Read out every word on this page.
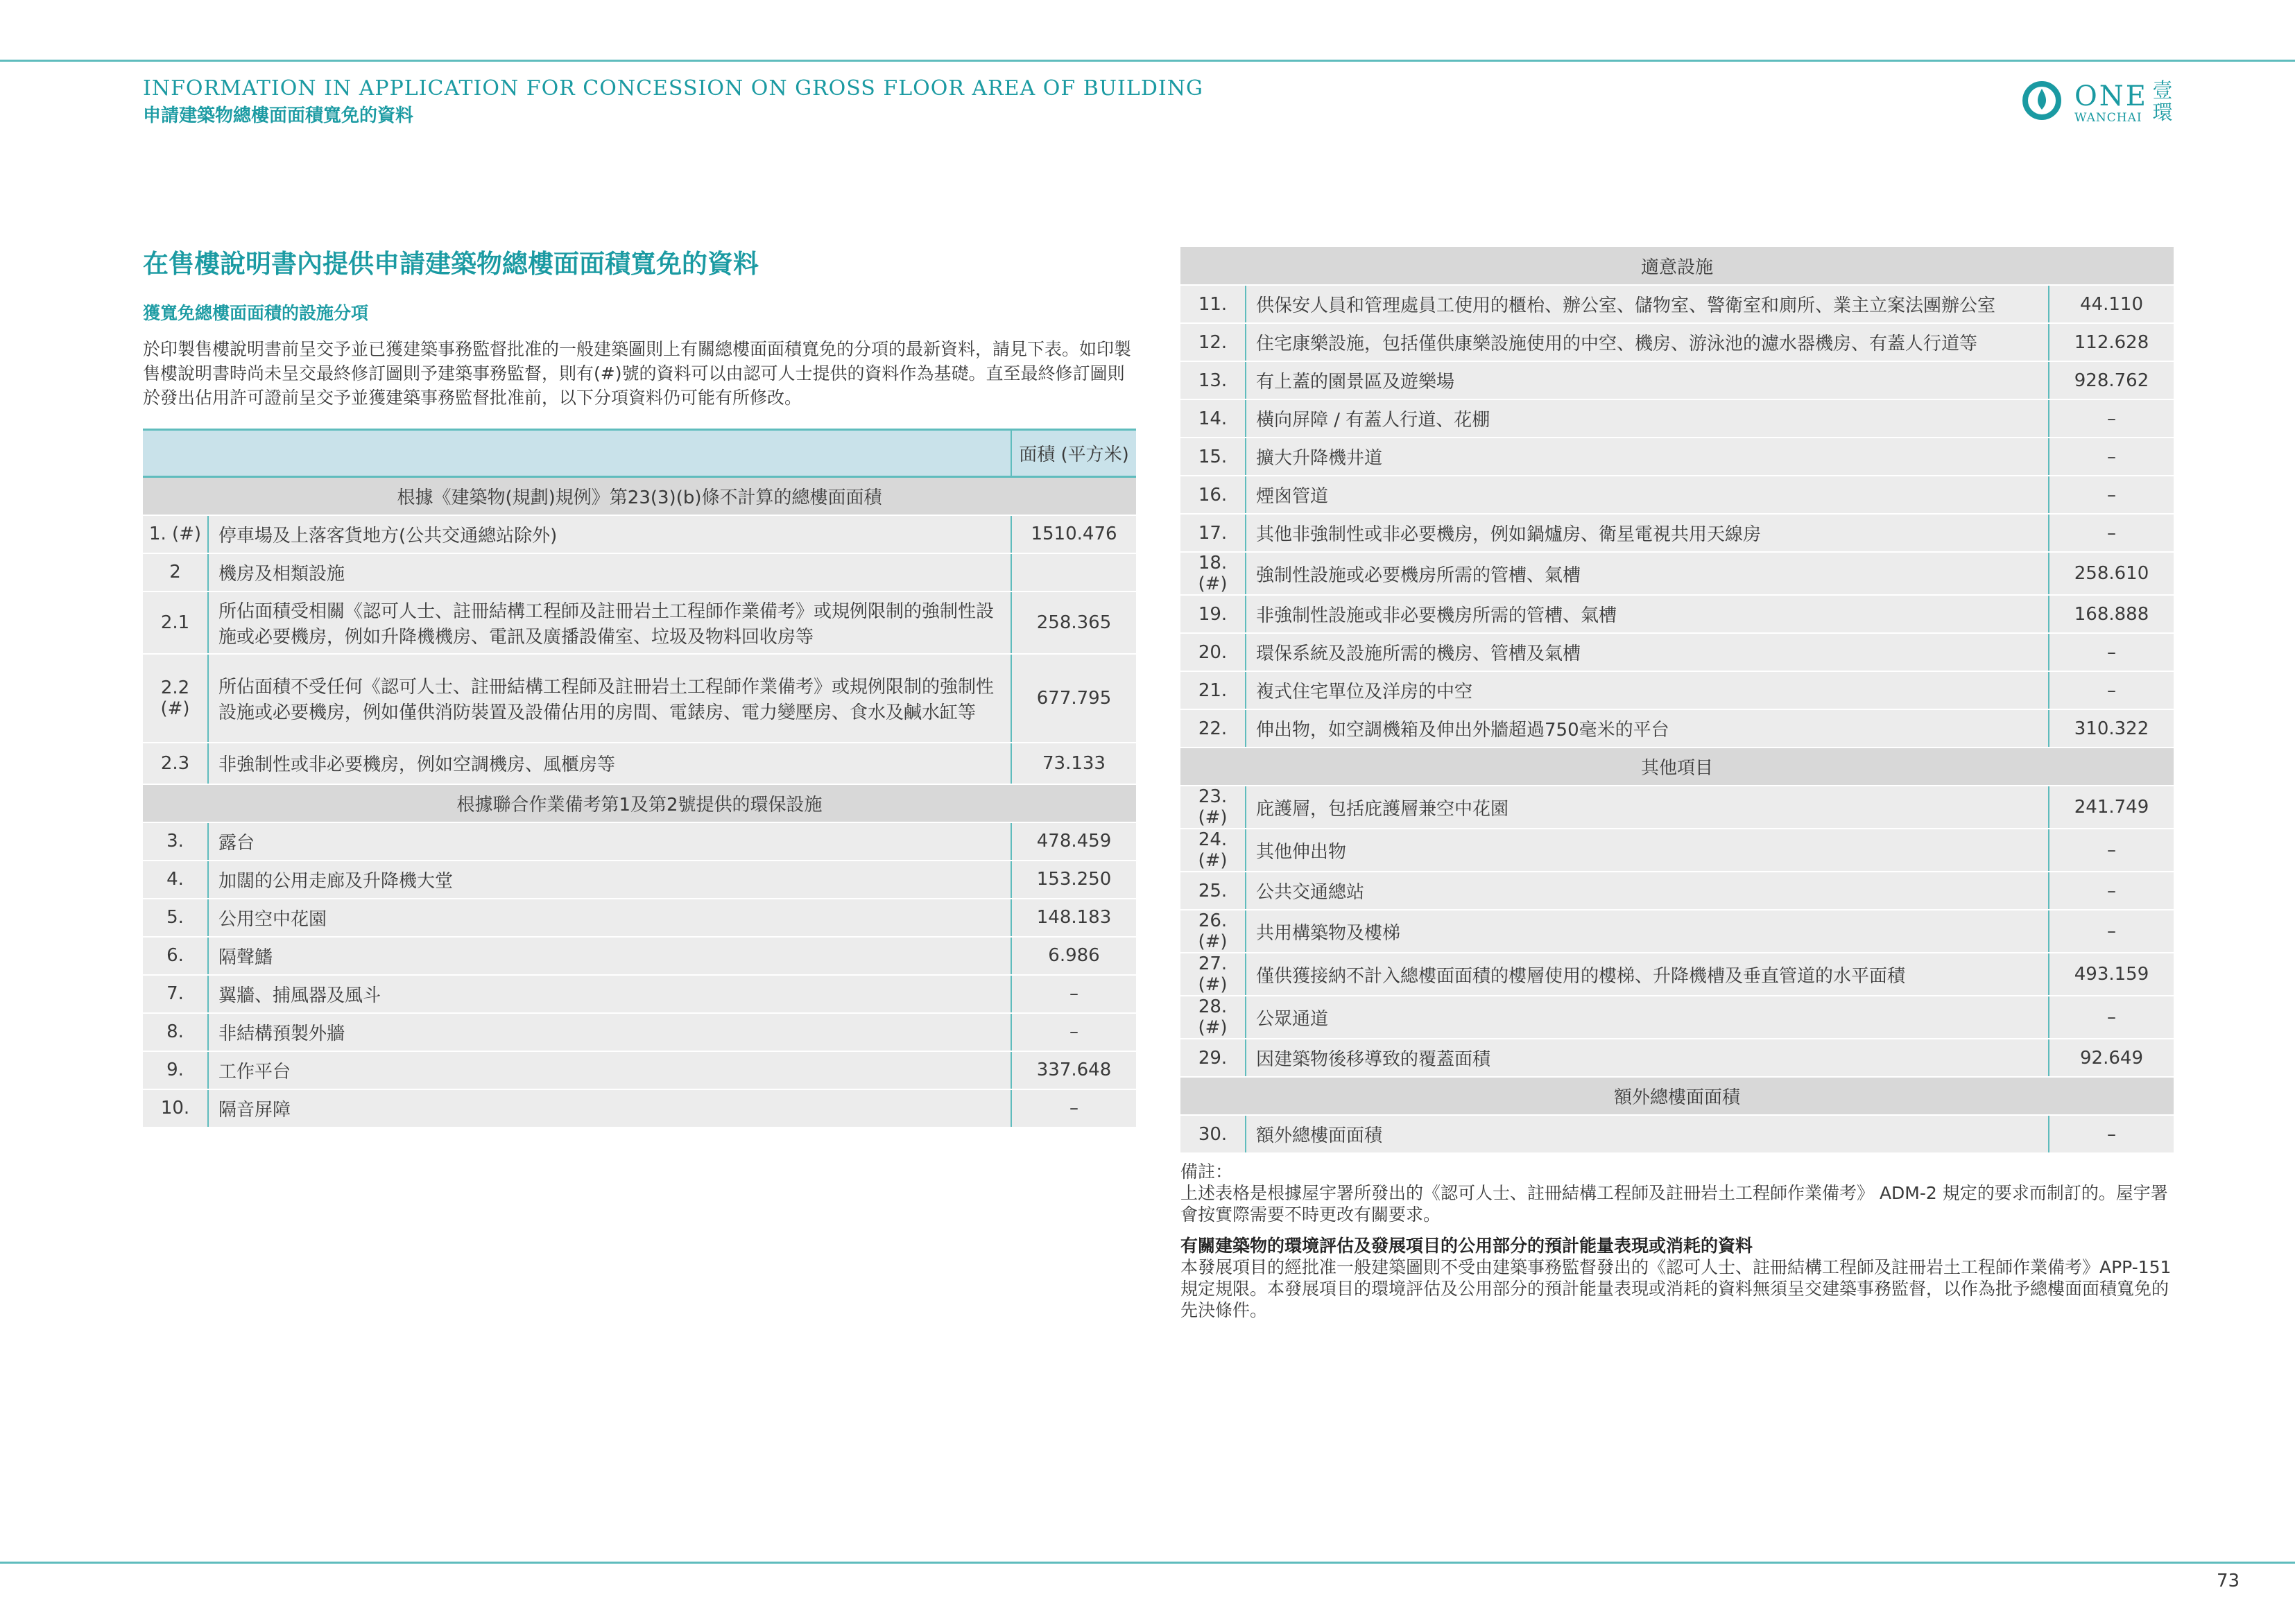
INFORMATION IN APPLICATION FOR CONCESSION ON GROSS FLOOR AREA OF BUILDING
申請建築物總樓面面積寬免的資料
ONE
WANCHAI
壹環
在售樓說明書內提供申請建築物總樓面面積寬免的資料
獲寬免總樓面面積的設施分項
於印製售樓說明書前呈交予並已獲建築事務監督批准的一般建築圖則上有關總樓面面積寬免的分項的最新資料，請見下表。如印製售樓說明書時尚未呈交最終修訂圖則予建築事務監督，則有(#)號的資料可以由認可人士提供的資料作為基礎。直至最終修訂圖則於發出佔用許可證前呈交予並獲建築事務監督批准前，以下分項資料仍可能有所修改。
		面積 (平方米)
根據《建築物(規劃)規例》第23(3)(b)條不計算的總樓面面積		
1. (#)	停車場及上落客貨地方(公共交通總站除外)	1510.476
2	機房及相類設施	
2.1	所佔面積受相關《認可人士、註冊結構工程師及註冊岩土工程師作業備考》或規例限制的強制性設施或必要機房，例如升降機機房、電訊及廣播設備室、垃圾及物料回收房等	258.365
2.2 (#)	所佔面積不受任何《認可人士、註冊結構工程師及註冊岩土工程師作業備考》或規例限制的強制性設施或必要機房，例如僅供消防裝置及設備佔用的房間、電錶房、電力變壓房、食水及鹹水缸等	677.795
2.3	非強制性或非必要機房，例如空調機房、風櫃房等	73.133
根據聯合作業備考第1及第2號提供的環保設施		
3.	露台	478.459
4.	加闊的公用走廊及升降機大堂	153.250
5.	公用空中花園	148.183
6.	隔聲鰭	6.986
7.	翼牆、捕風器及風斗	–
8.	非結構預製外牆	–
9.	工作平台	337.648
10.	隔音屏障	–
適意設施		
11.	供保安人員和管理處員工使用的櫃枱、辦公室、儲物室、警衛室和廁所、業主立案法團辦公室	44.110
12.	住宅康樂設施，包括僅供康樂設施使用的中空、機房、游泳池的濾水器機房、有蓋人行道等	112.628
13.	有上蓋的園景區及遊樂場	928.762
14.	橫向屏障 / 有蓋人行道、花棚	–
15.	擴大升降機井道	–
16.	煙囪管道	–
17.	其他非強制性或非必要機房，例如鍋爐房、衛星電視共用天線房	–
18. (#)	強制性設施或必要機房所需的管槽、氣槽	258.610
19.	非強制性設施或非必要機房所需的管槽、氣槽	168.888
20.	環保系統及設施所需的機房、管槽及氣槽	–
21.	複式住宅單位及洋房的中空	–
22.	伸出物，如空調機箱及伸出外牆超過750毫米的平台	310.322
其他項目		
23. (#)	庇護層，包括庇護層兼空中花園	241.749
24. (#)	其他伸出物	–
25.	公共交通總站	–
26. (#)	共用構築物及樓梯	–
27. (#)	僅供獲接納不計入總樓面面積的樓層使用的樓梯、升降機槽及垂直管道的水平面積	493.159
28. (#)	公眾通道	–
29.	因建築物後移導致的覆蓋面積	92.649
額外總樓面面積		
30.	額外總樓面面積	–

備註：

上述表格是根據屋宇署所發出的《認可人士、註冊結構工程師及註冊岩土工程師作業備考》 ADM-2 規定的要求而制訂的。屋宇署會按實際需要不時更改有關要求。

有關建築物的環境評估及發展項目的公用部分的預計能量表現或消耗的資料

本發展項目的經批准一般建築圖則不受由建築事務監督發出的《認可人士、註冊結構工程師及註冊岩土工程師作業備考》APP-151 規定規限。本發展項目的環境評估及公用部分的預計能量表現或消耗的資料無須呈交建築事務監督，以作為批予總樓面面積寬免的先決條件。

73
